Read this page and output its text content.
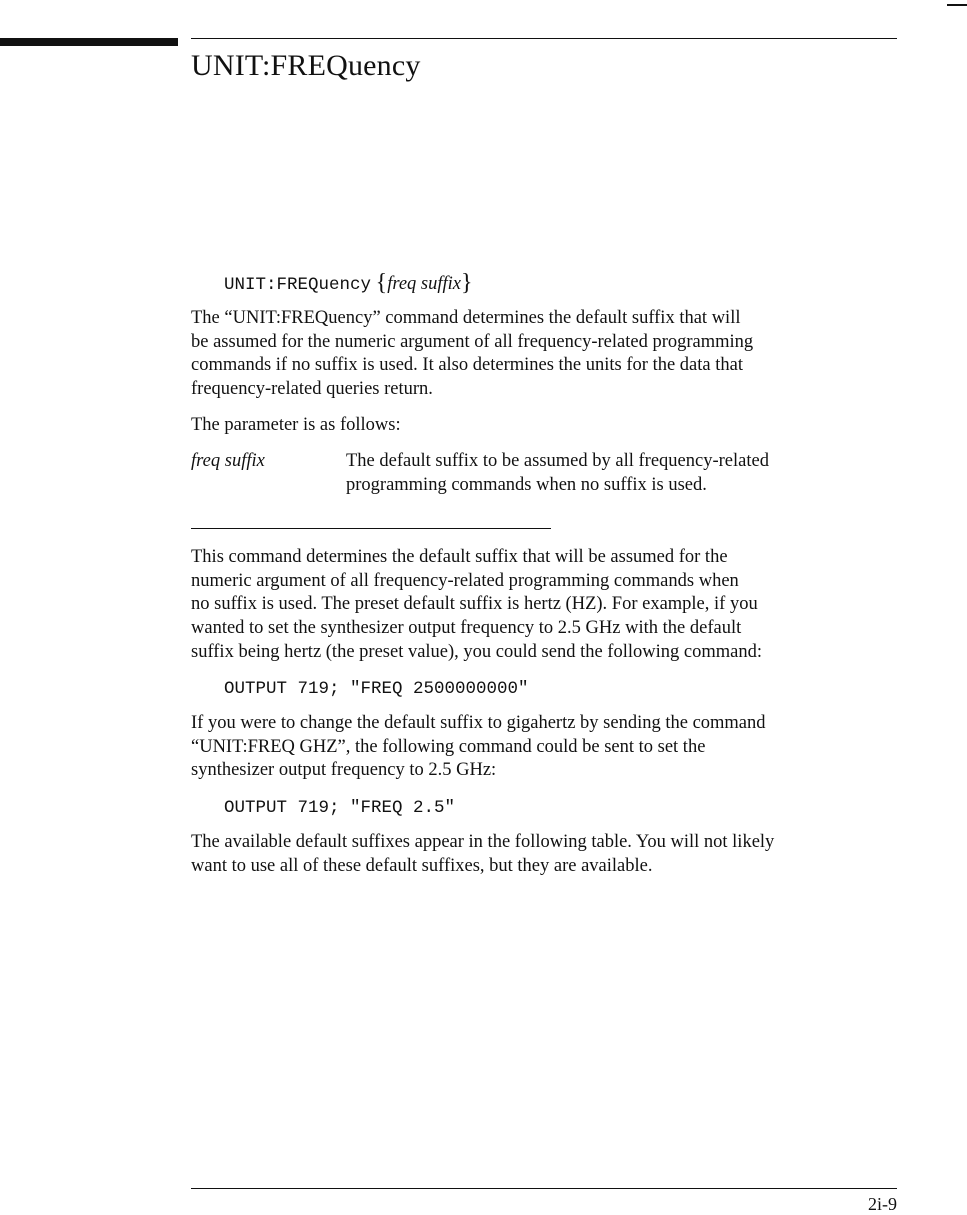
UNIT:FREQuency
UNIT:FREQuency {freq suffix}
The “UNIT:FREQuency” command determines the default suffix that will
be assumed for the numeric argument of all frequency-related programming
commands if no suffix is used. It also determines the units for the data that
frequency-related queries return.
The parameter is as follows:
freq suffix	The default suffix to be assumed by all frequency-related
programming commands when no suffix is used.
This command determines the default suffix that will be assumed for the
numeric argument of all frequency-related programming commands when
no suffix is used. The preset default suffix is hertz (HZ). For example, if you
wanted to set the synthesizer output frequency to 2.5 GHz with the default
suffix being hertz (the preset value), you could send the following command:
OUTPUT 719; "FREQ 2500000000"
If you were to change the default suffix to gigahertz by sending the command
“UNIT:FREQ GHZ”, the following command could be sent to set the
synthesizer output frequency to 2.5 GHz:
OUTPUT 719; "FREQ 2.5"
The available default suffixes appear in the following table. You will not likely
want to use all of these default suffixes, but they are available.
2i-9
